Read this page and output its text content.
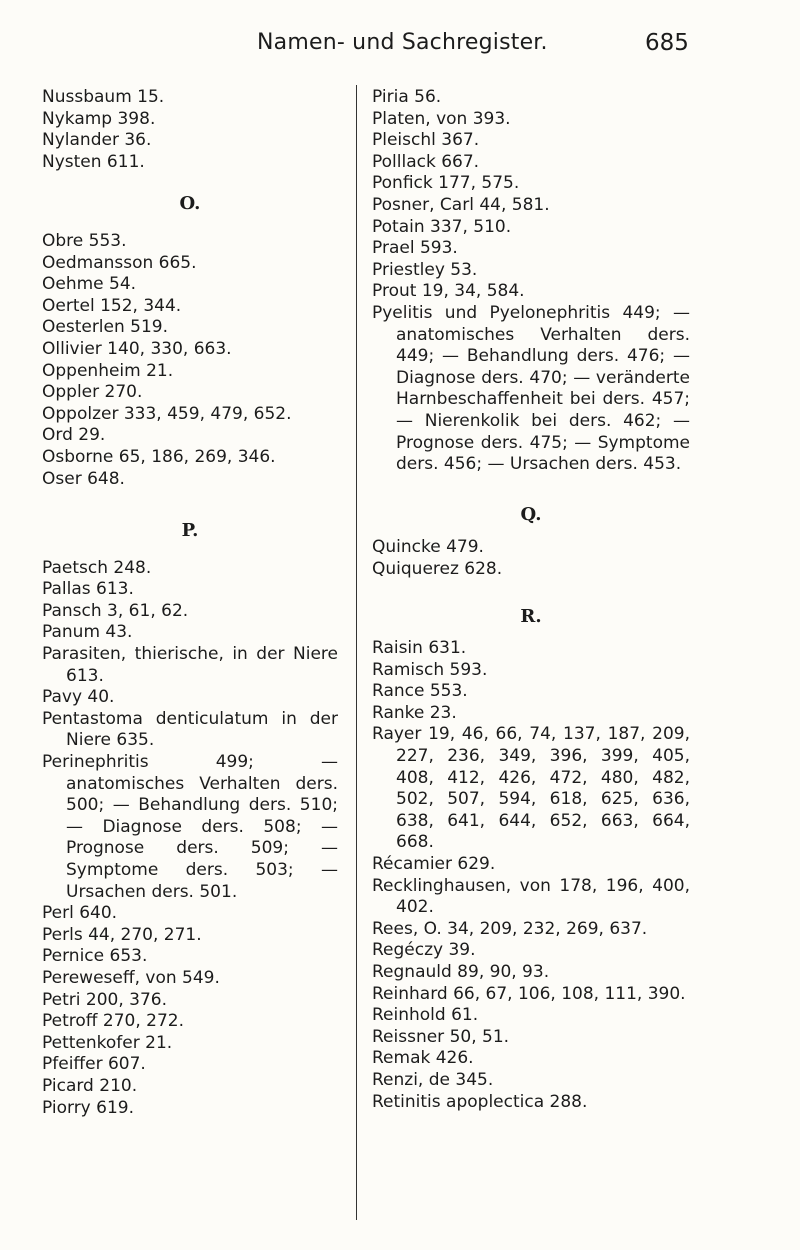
Namen- und Sachregister.	685
Nussbaum 15.
Nykamp 398.
Nylander 36.
Nysten 611.
O.
Obre 553.
Oedmansson 665.
Oehme 54.
Oertel 152, 344.
Oesterlen 519.
Ollivier 140, 330, 663.
Oppenheim 21.
Oppler 270.
Oppolzer 333, 459, 479, 652.
Ord 29.
Osborne 65, 186, 269, 346.
Oser 648.
P.
Paetsch 248.
Pallas 613.
Pansch 3, 61, 62.
Panum 43.
Parasiten, thierische, in der Niere 613.
Pavy 40.
Pentastoma denticulatum in der Niere 635.
Perinephritis 499; — anatomisches Verhalten ders. 500; — Behandlung ders. 510; — Diagnose ders. 508; — Prognose ders. 509; — Symptome ders. 503; — Ursachen ders. 501.
Perl 640.
Perls 44, 270, 271.
Pernice 653.
Pereweseff, von 549.
Petri 200, 376.
Petroff 270, 272.
Pettenkofer 21.
Pfeiffer 607.
Picard 210.
Piorry 619.
Piria 56.
Platen, von 393.
Pleischl 367.
Polllack 667.
Ponfick 177, 575.
Posner, Carl 44, 581.
Potain 337, 510.
Prael 593.
Priestley 53.
Prout 19, 34, 584.
Pyelitis und Pyelonephritis 449; — anatomisches Verhalten ders. 449; — Behandlung ders. 476; — Diagnose ders. 470; — veränderte Harnbeschaffenheit bei ders. 457; — Nierenkolik bei ders. 462; — Prognose ders. 475; — Symptome ders. 456; — Ursachen ders. 453.
Q.
Quincke 479.
Quiquerez 628.
R.
Raisin 631.
Ramisch 593.
Rance 553.
Ranke 23.
Rayer 19, 46, 66, 74, 137, 187, 209, 227, 236, 349, 396, 399, 405, 408, 412, 426, 472, 480, 482, 502, 507, 594, 618, 625, 636, 638, 641, 644, 652, 663, 664, 668.
Récamier 629.
Recklinghausen, von 178, 196, 400, 402.
Rees, O. 34, 209, 232, 269, 637.
Regéczy 39.
Regnauld 89, 90, 93.
Reinhard 66, 67, 106, 108, 111, 390.
Reinhold 61.
Reissner 50, 51.
Remak 426.
Renzi, de 345.
Retinitis apoplectica 288.
